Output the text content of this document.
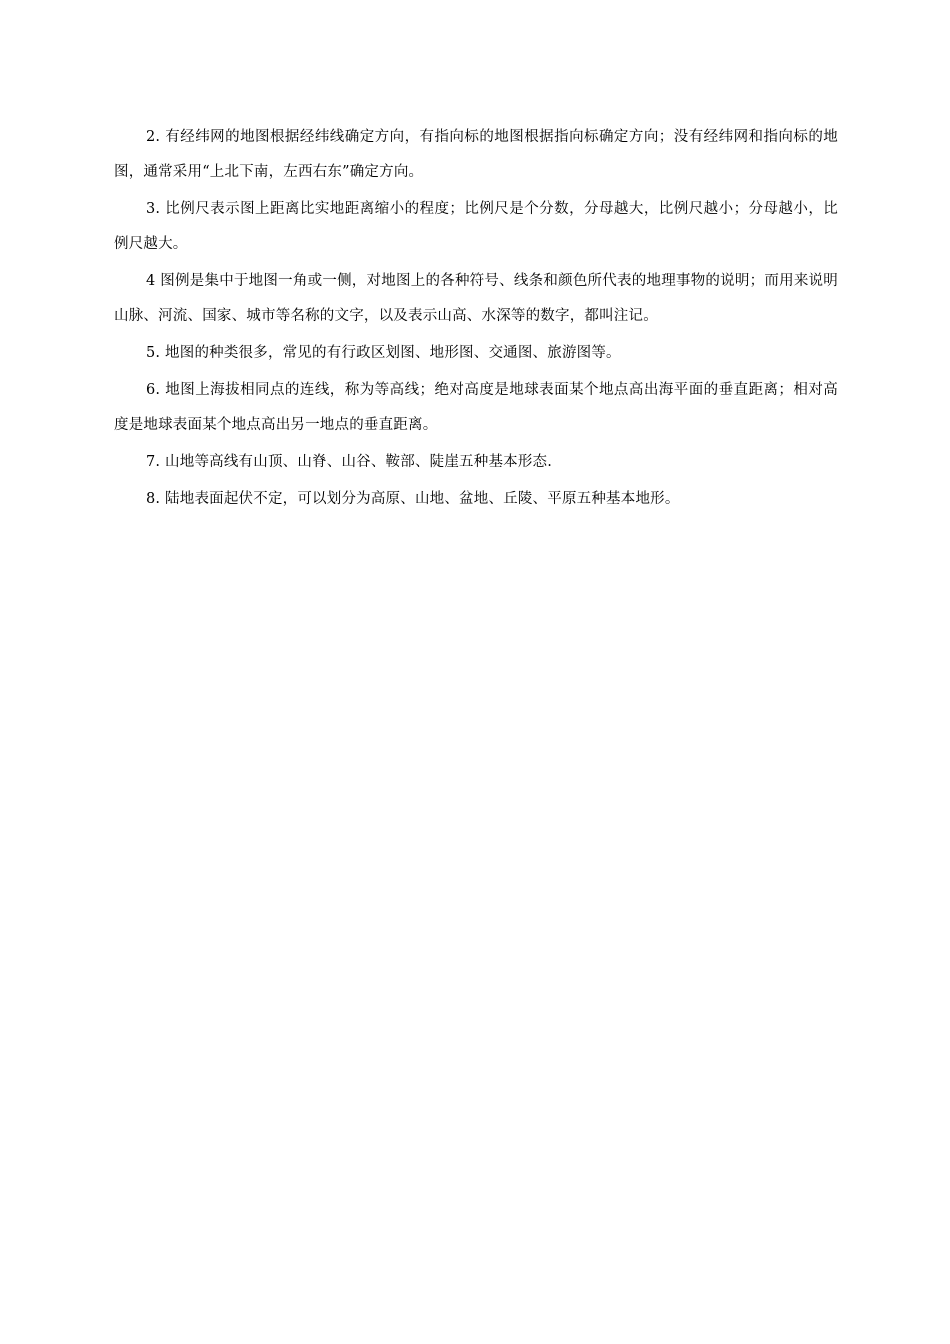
2. 有经纬网的地图根据经纬线确定方向，有指向标的地图根据指向标确定方向；没有经纬网和指向标的地图，通常采用“上北下南，左西右东”确定方向。

3. 比例尺表示图上距离比实地距离缩小的程度；比例尺是个分数，分母越大，比例尺越小；分母越小，比例尺越大。

4 图例是集中于地图一角或一侧，对地图上的各种符号、线条和颜色所代表的地理事物的说明；而用来说明山脉、河流、国家、城市等名称的文字，以及表示山高、水深等的数字，都叫注记。

5. 地图的种类很多，常见的有行政区划图、地形图、交通图、旅游图等。

6. 地图上海拔相同点的连线，称为等高线；绝对高度是地球表面某个地点高出海平面的垂直距离；相对高度是地球表面某个地点高出另一地点的垂直距离。

7. 山地等高线有山顶、山脊、山谷、鞍部、陡崖五种基本形态.

8. 陆地表面起伏不定，可以划分为高原、山地、盆地、丘陵、平原五种基本地形。
